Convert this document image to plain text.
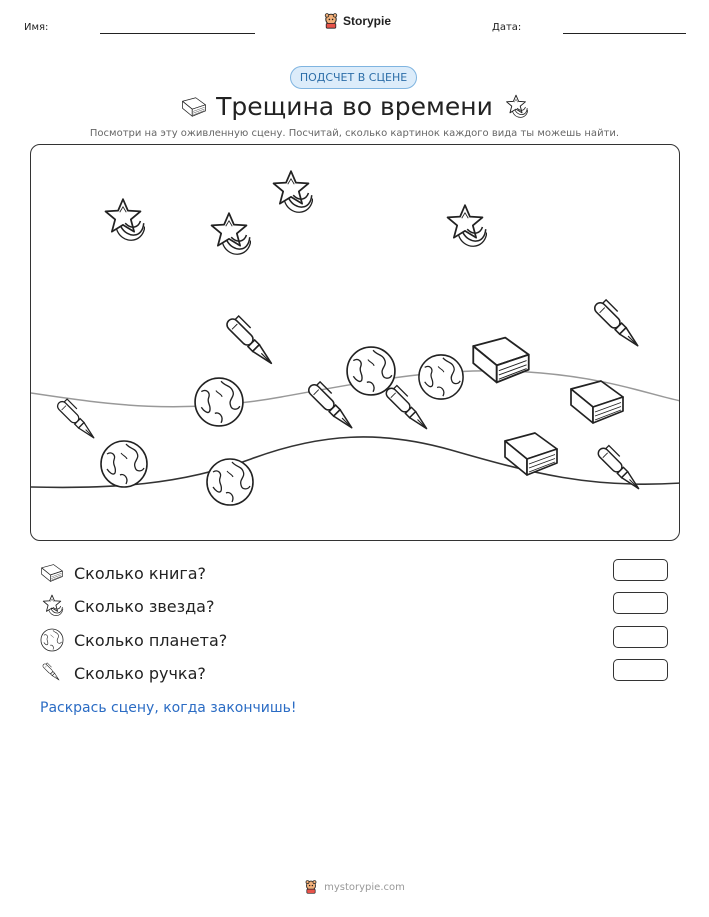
Имя:	Storypie	Дата:
ПОДСЧЕТ В СЦЕНЕ
Трещина во времени
Посмотри на эту оживленную сцену. Посчитай, сколько картинок каждого вида ты можешь найти.
Сколько книга?
Сколько звезда?
Сколько планета?
Сколько ручка?
Раскрась сцену, когда закончишь!
mystorypie.com
